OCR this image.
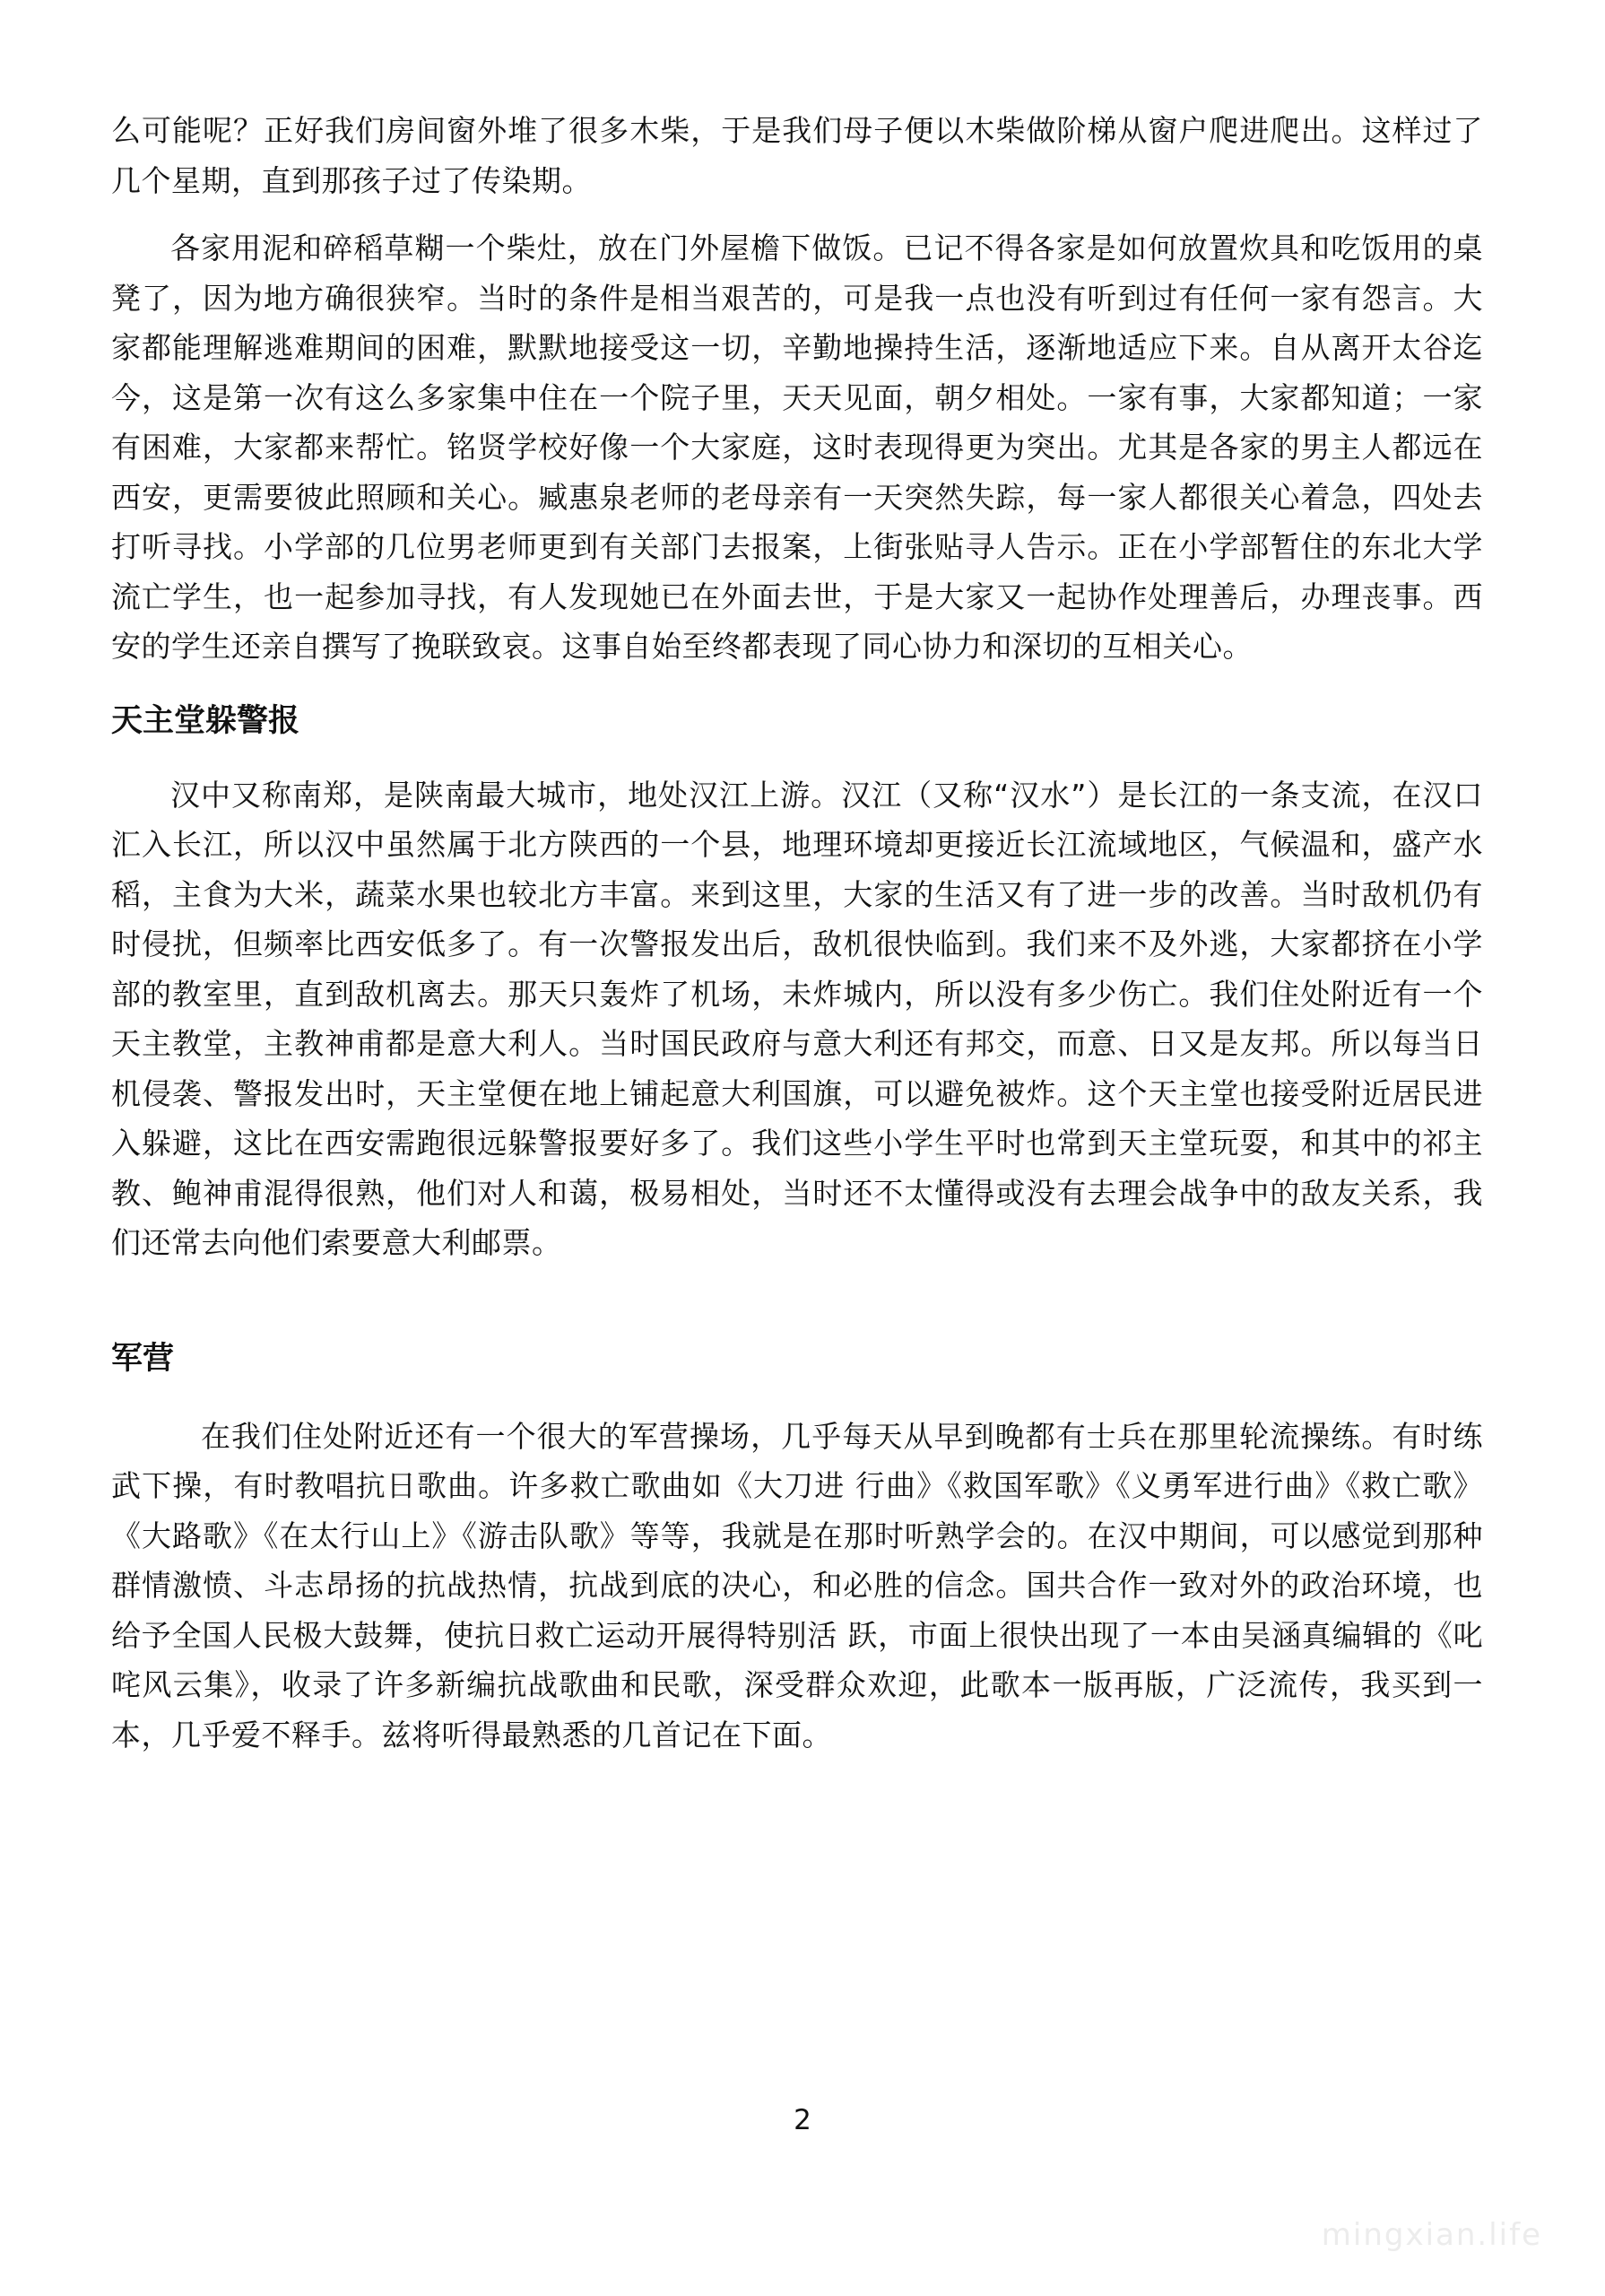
么可能呢？正好我们房间窗外堆了很多木柴，于是我们母子便以木柴做阶梯从窗户爬进爬出。这样过了几个星期，直到那孩子过了传染期。

各家用泥和碎稻草糊一个柴灶，放在门外屋檐下做饭。已记不得各家是如何放置炊具和吃饭用的桌凳了，因为地方确很狭窄。当时的条件是相当艰苦的，可是我一点也没有听到过有任何一家有怨言。大家都能理解逃难期间的困难，默默地接受这一切，辛勤地操持生活，逐渐地适应下来。自从离开太谷迄今，这是第一次有这么多家集中住在一个院子里，天天见面，朝夕相处。一家有事，大家都知道；一家有困难，大家都来帮忙。铭贤学校好像一个大家庭，这时表现得更为突出。尤其是各家的男主人都远在西安，更需要彼此照顾和关心。臧惠泉老师的老母亲有一天突然失踪，每一家人都很关心着急，四处去打听寻找。小学部的几位男老师更到有关部门去报案，上街张贴寻人告示。正在小学部暂住的东北大学流亡学生，也一起参加寻找，有人发现她已在外面去世，于是大家又一起协作处理善后，办理丧事。西安的学生还亲自撰写了挽联致哀。这事自始至终都表现了同心协力和深切的互相关心。

天主堂躲警报

汉中又称南郑，是陕南最大城市，地处汉江上游。汉江（又称“汉水”）是长江的一条支流，在汉口汇入长江，所以汉中虽然属于北方陕西的一个县，地理环境却更接近长江流域地区，气候温和，盛产水稻，主食为大米，蔬菜水果也较北方丰富。来到这里，大家的生活又有了进一步的改善。当时敌机仍有时侵扰，但频率比西安低多了。有一次警报发出后，敌机很快临到。我们来不及外逃，大家都挤在小学部的教室里，直到敌机离去。那天只轰炸了机场，未炸城内，所以没有多少伤亡。我们住处附近有一个天主教堂，主教神甫都是意大利人。当时国民政府与意大利还有邦交，而意、日又是友邦。所以每当日机侵袭、警报发出时，天主堂便在地上铺起意大利国旗，可以避免被炸。这个天主堂也接受附近居民进入躲避，这比在西安需跑很远躲警报要好多了。我们这些小学生平时也常到天主堂玩耍，和其中的祁主教、鲍神甫混得很熟，他们对人和蔼，极易相处，当时还不太懂得或没有去理会战争中的敌友关系，我们还常去向他们索要意大利邮票。

军营

在我们住处附近还有一个很大的军营操场，几乎每天从早到晚都有士兵在那里轮流操练。有时练武下操，有时教唱抗日歌曲。许多救亡歌曲如《大刀进 行曲》《救国军歌》《义勇军进行曲》《救亡歌》《大路歌》《在太行山上》《游击队歌》等等，我就是在那时听熟学会的。在汉中期间，可以感觉到那种群情激愤、斗志昂扬的抗战热情，抗战到底的决心，和必胜的信念。国共合作一致对外的政治环境，也给予全国人民极大鼓舞，使抗日救亡运动开展得特别活 跃，市面上很快出现了一本由吴涵真编辑的《叱咤风云集》，收录了许多新编抗战歌曲和民歌，深受群众欢迎，此歌本一版再版，广泛流传，我买到一本，几乎爱不释手。兹将听得最熟悉的几首记在下面。

2
mingxian.life
